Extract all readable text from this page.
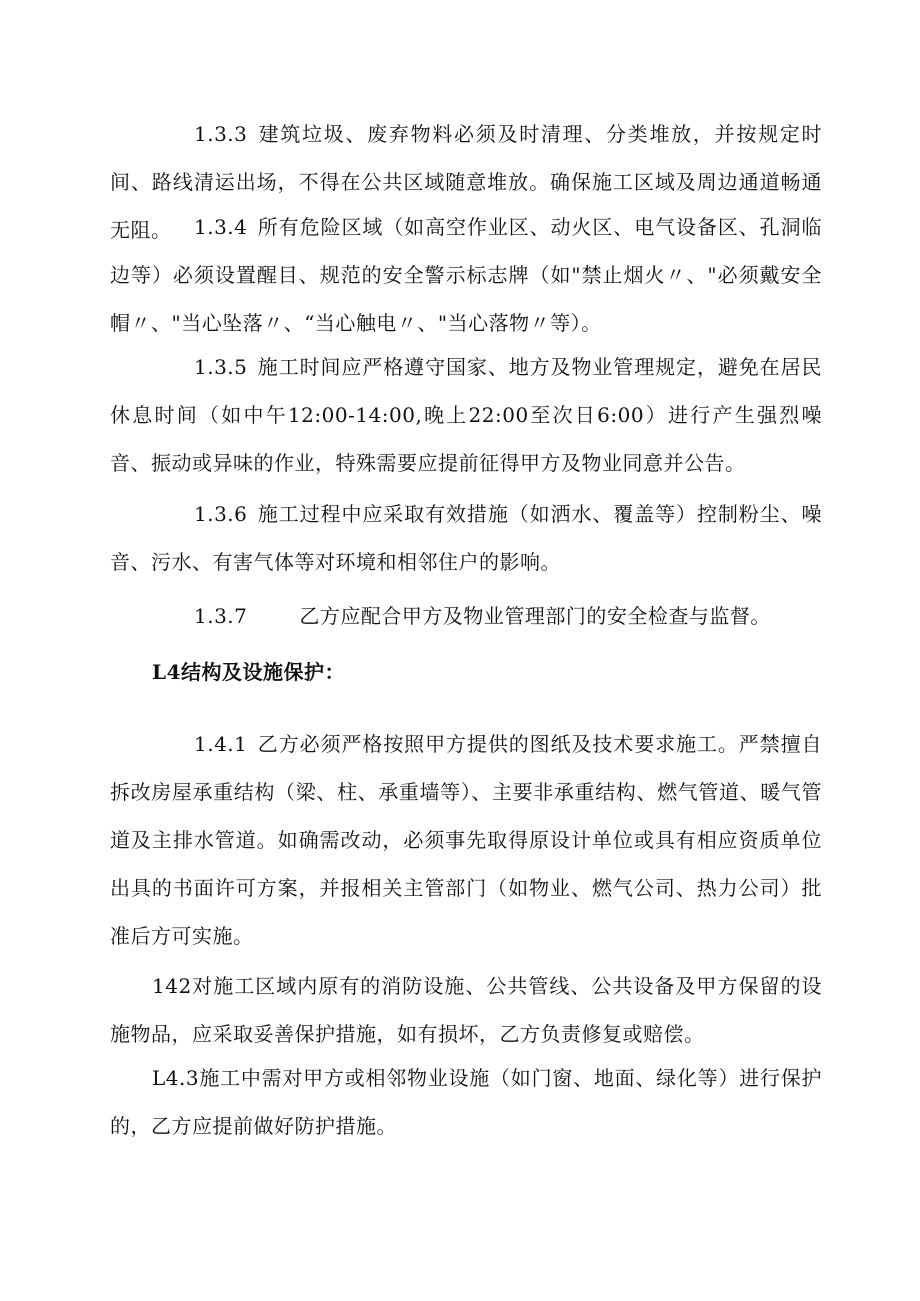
1.3.3 建筑垃圾、废弃物料必须及时清理、分类堆放，并按规定时间、路线清运出场，不得在公共区域随意堆放。确保施工区域及周边通道畅通无阻。	1.3.4 所有危险区域（如高空作业区、动火区、电气设备区、孔洞临边等）必须设置醒目、规范的安全警示标志牌（如"禁止烟火〃、"必须戴安全帽〃、"当心坠落〃、“当心触电〃、"当心落物〃等）。

1.3.5 施工时间应严格遵守国家、地方及物业管理规定，避免在居民休息时间（如中午12:00-14:00,晚上22:00至次日6:00）进行产生强烈噪音、振动或异味的作业，特殊需要应提前征得甲方及物业同意并公告。

1.3.6 施工过程中应采取有效措施（如洒水、覆盖等）控制粉尘、噪音、污水、有害气体等对环境和相邻住户的影响。

1.3.7	乙方应配合甲方及物业管理部门的安全检查与监督。

L4结构及设施保护：

1.4.1 乙方必须严格按照甲方提供的图纸及技术要求施工。严禁擅自拆改房屋承重结构（梁、柱、承重墙等）、主要非承重结构、燃气管道、暖气管道及主排水管道。如确需改动，必须事先取得原设计单位或具有相应资质单位出具的书面许可方案，并报相关主管部门（如物业、燃气公司、热力公司）批准后方可实施。

142对施工区域内原有的消防设施、公共管线、公共设备及甲方保留的设施物品，应采取妥善保护措施，如有损坏，乙方负责修复或赔偿。

L4.3施工中需对甲方或相邻物业设施（如门窗、地面、绿化等）进行保护的，乙方应提前做好防护措施。
